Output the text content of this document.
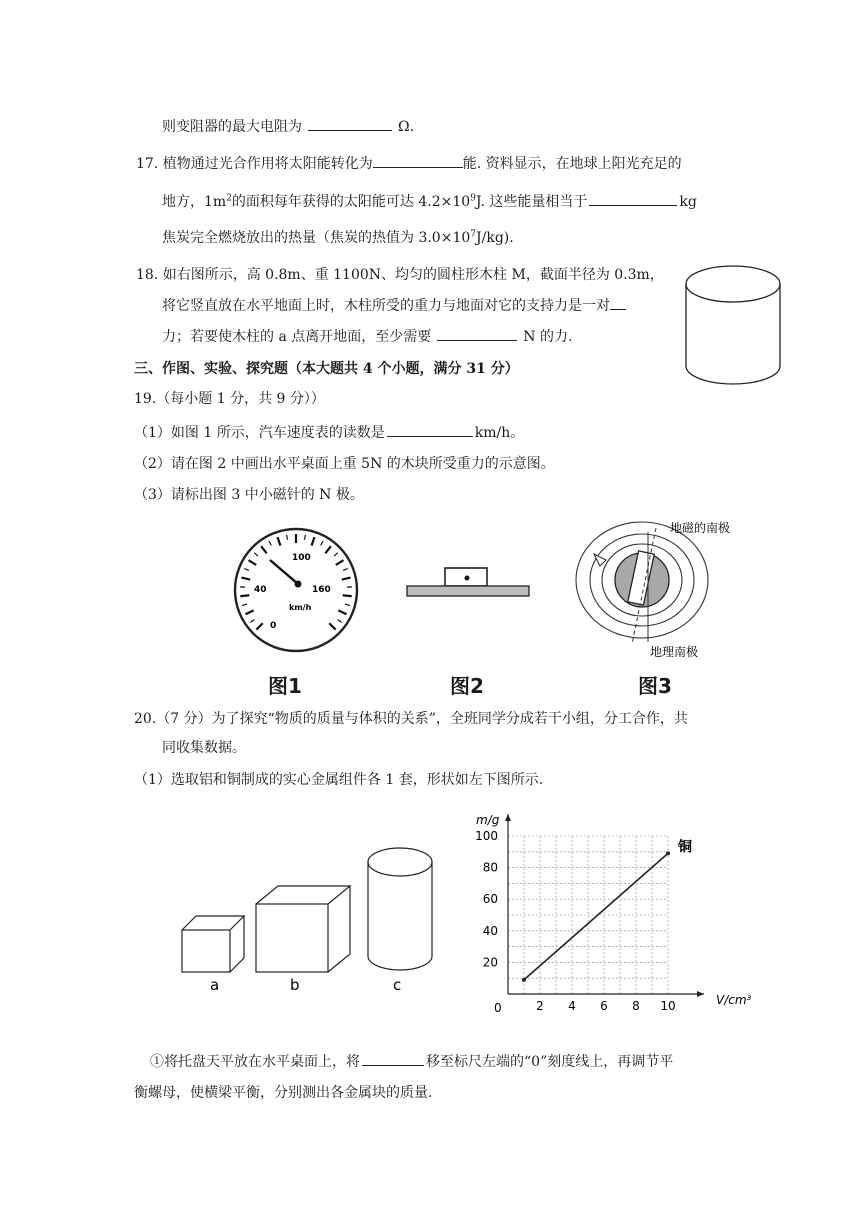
则变阻器的最大电阻为	Ω.
17. 植物通过光合作用将太阳能转化为	能. 资料显示，在地球上阳光充足的
地方，$1m^2$的面积每年获得的太阳能可达 $4.2\times 10^9J$. 这些能量相当于	kg
焦炭完全燃烧放出的热量（焦炭的热值为 $3.0\times 10^7J/kg$).
18. 如右图所示，高 0.8m、重 1100N、均匀的圆柱形木柱 M，截面半径为 0.3m，
将它竖直放在水平地面上时，木柱所受的重力与地面对它的支持力是一对
力；若要使木柱的 a 点离开地面，至少需要	N 的力.
三、作图、实验、探究题（本大题共 4 个小题，满分 31 分）
19.（每小题 1 分，共 9 分））
（1）如图 1 所示，汽车速度表的读数是	km/h。
（2）请在图 2 中画出水平桌面上重 5N 的木块所受重力的示意图。
（3）请标出图 3 中小磁针的 N 极。
100
40	160
0
km/h
地磁的南极
地理南极
图1	图2	图3
20.（7 分）为了探究“物质的质量与体积的关系”，全班同学分成若干小组，分工合作，共
同收集数据。
（1）选取铝和铜制成的实心金属组件各 1 套，形状如左下图所示.
a	b	c
2 4 6 8 10
20
40
60
80
100
铜
m/g
V/cm³
0
①将托盘天平放在水平桌面上，将	移至标尺左端的“0”刻度线上，再调节平
衡螺母，使横梁平衡，分别测出各金属块的质量.
